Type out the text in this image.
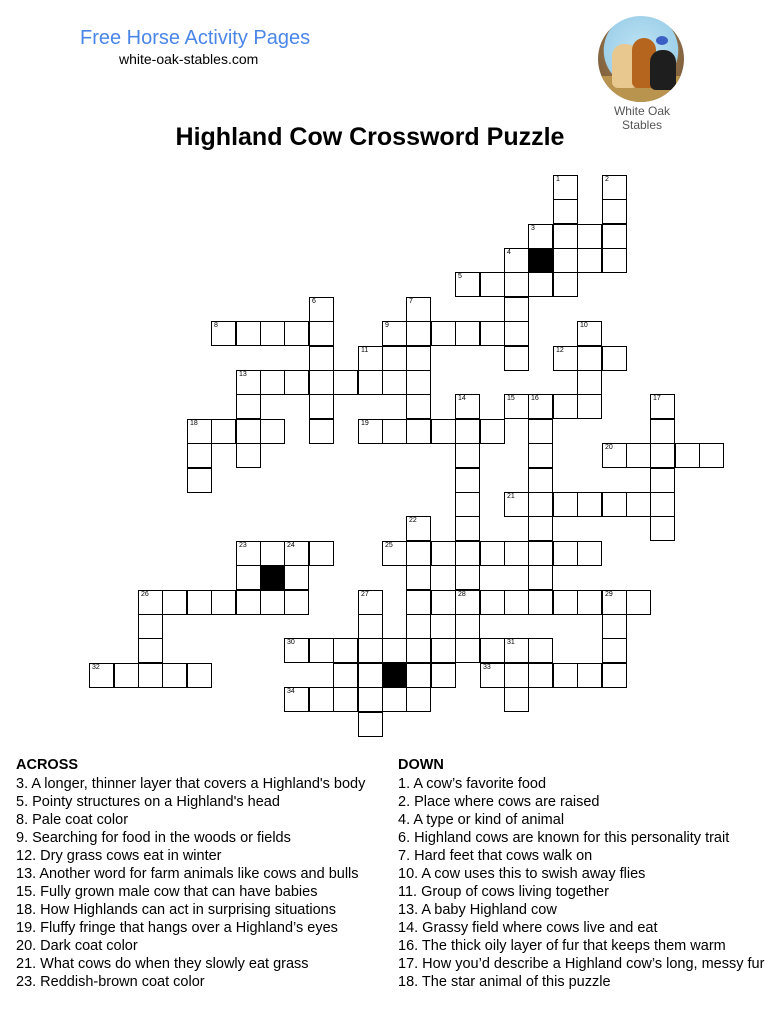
Free Horse Activity Pages
white-oak-stables.com
White Oak Stables
Highland Cow Crossword Puzzle
1	2
3
4
5
6	7
8	9	10
11	12
13
14
28
15 16	17
18	19
20
21
22
23	24	25
26	27	29
30	31
32	33
34
ACROSS
3. A longer, thinner layer that covers a Highland's body
5. Pointy structures on a Highland's head
8. Pale coat color
9. Searching for food in the woods or fields
12. Dry grass cows eat in winter
13. Another word for farm animals like cows and bulls
15. Fully grown male cow that can have babies
18. How Highlands can act in surprising situations
19. Fluffy fringe that hangs over a Highland’s eyes
20. Dark coat color
21. What cows do when they slowly eat grass
23. Reddish-brown coat color
DOWN
1. A cow’s favorite food
2. Place where cows are raised
4. A type or kind of animal
6. Highland cows are known for this personality trait
7. Hard feet that cows walk on
10. A cow uses this to swish away flies
11. Group of cows living together
13. A baby Highland cow
14. Grassy field where cows live and eat
16. The thick oily layer of fur that keeps them warm
17. How you’d describe a Highland cow’s long, messy fur
18. The star animal of this puzzle
